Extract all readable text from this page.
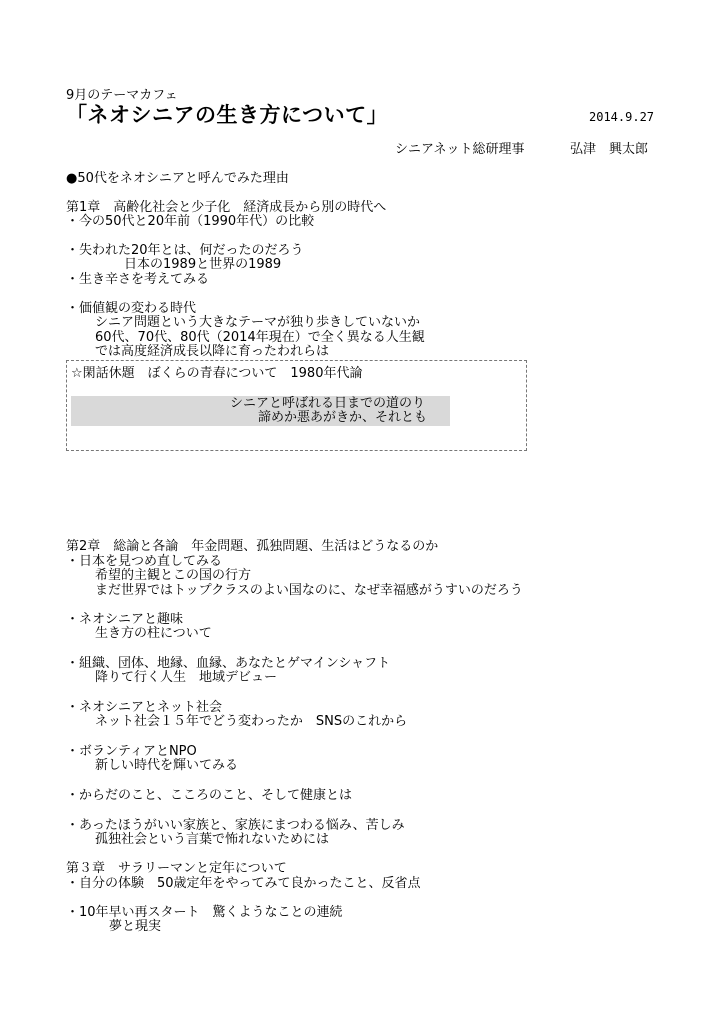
9月のテーマカフェ
「ネオシニアの生き方について」	2014.9.27
シニアネット総研理事	弘津　興太郎
●50代をネオシニアと呼んでみた理由
第1章　高齢化社会と少子化　経済成長から別の時代へ
・今の50代と20年前（1990年代）の比較
・失われた20年とは、何だったのだろう
日本の1989と世界の1989
・生き辛さを考えてみる
・価値観の変わる時代
シニア問題という大きなテーマが独り歩きしていないか
60代、70代、80代（2014年現在）で全く異なる人生観
では高度経済成長以降に育ったわれらは
☆閑話休題　ぼくらの青春について　1980年代論
シニアと呼ばれる日までの道のり
諦めか悪あがきか、それとも
第2章　総論と各論　年金問題、孤独問題、生活はどうなるのか
・日本を見つめ直してみる
希望的主観とこの国の行方
まだ世界ではトップクラスのよい国なのに、なぜ幸福感がうすいのだろう
・ネオシニアと趣味
生き方の柱について
・組織、団体、地縁、血縁、あなたとゲマインシャフト
降りて行く人生　地域デビュー
・ネオシニアとネット社会
ネット社会１５年でどう変わったか　SNSのこれから
・ボランティアとNPO
新しい時代を輝いてみる
・からだのこと、こころのこと、そして健康とは
・あったほうがいい家族と、家族にまつわる悩み、苦しみ
孤独社会という言葉で怖れないためには
第３章　サラリーマンと定年について
・自分の体験　50歳定年をやってみて良かったこと、反省点
・10年早い再スタート　驚くようなことの連続
夢と現実
